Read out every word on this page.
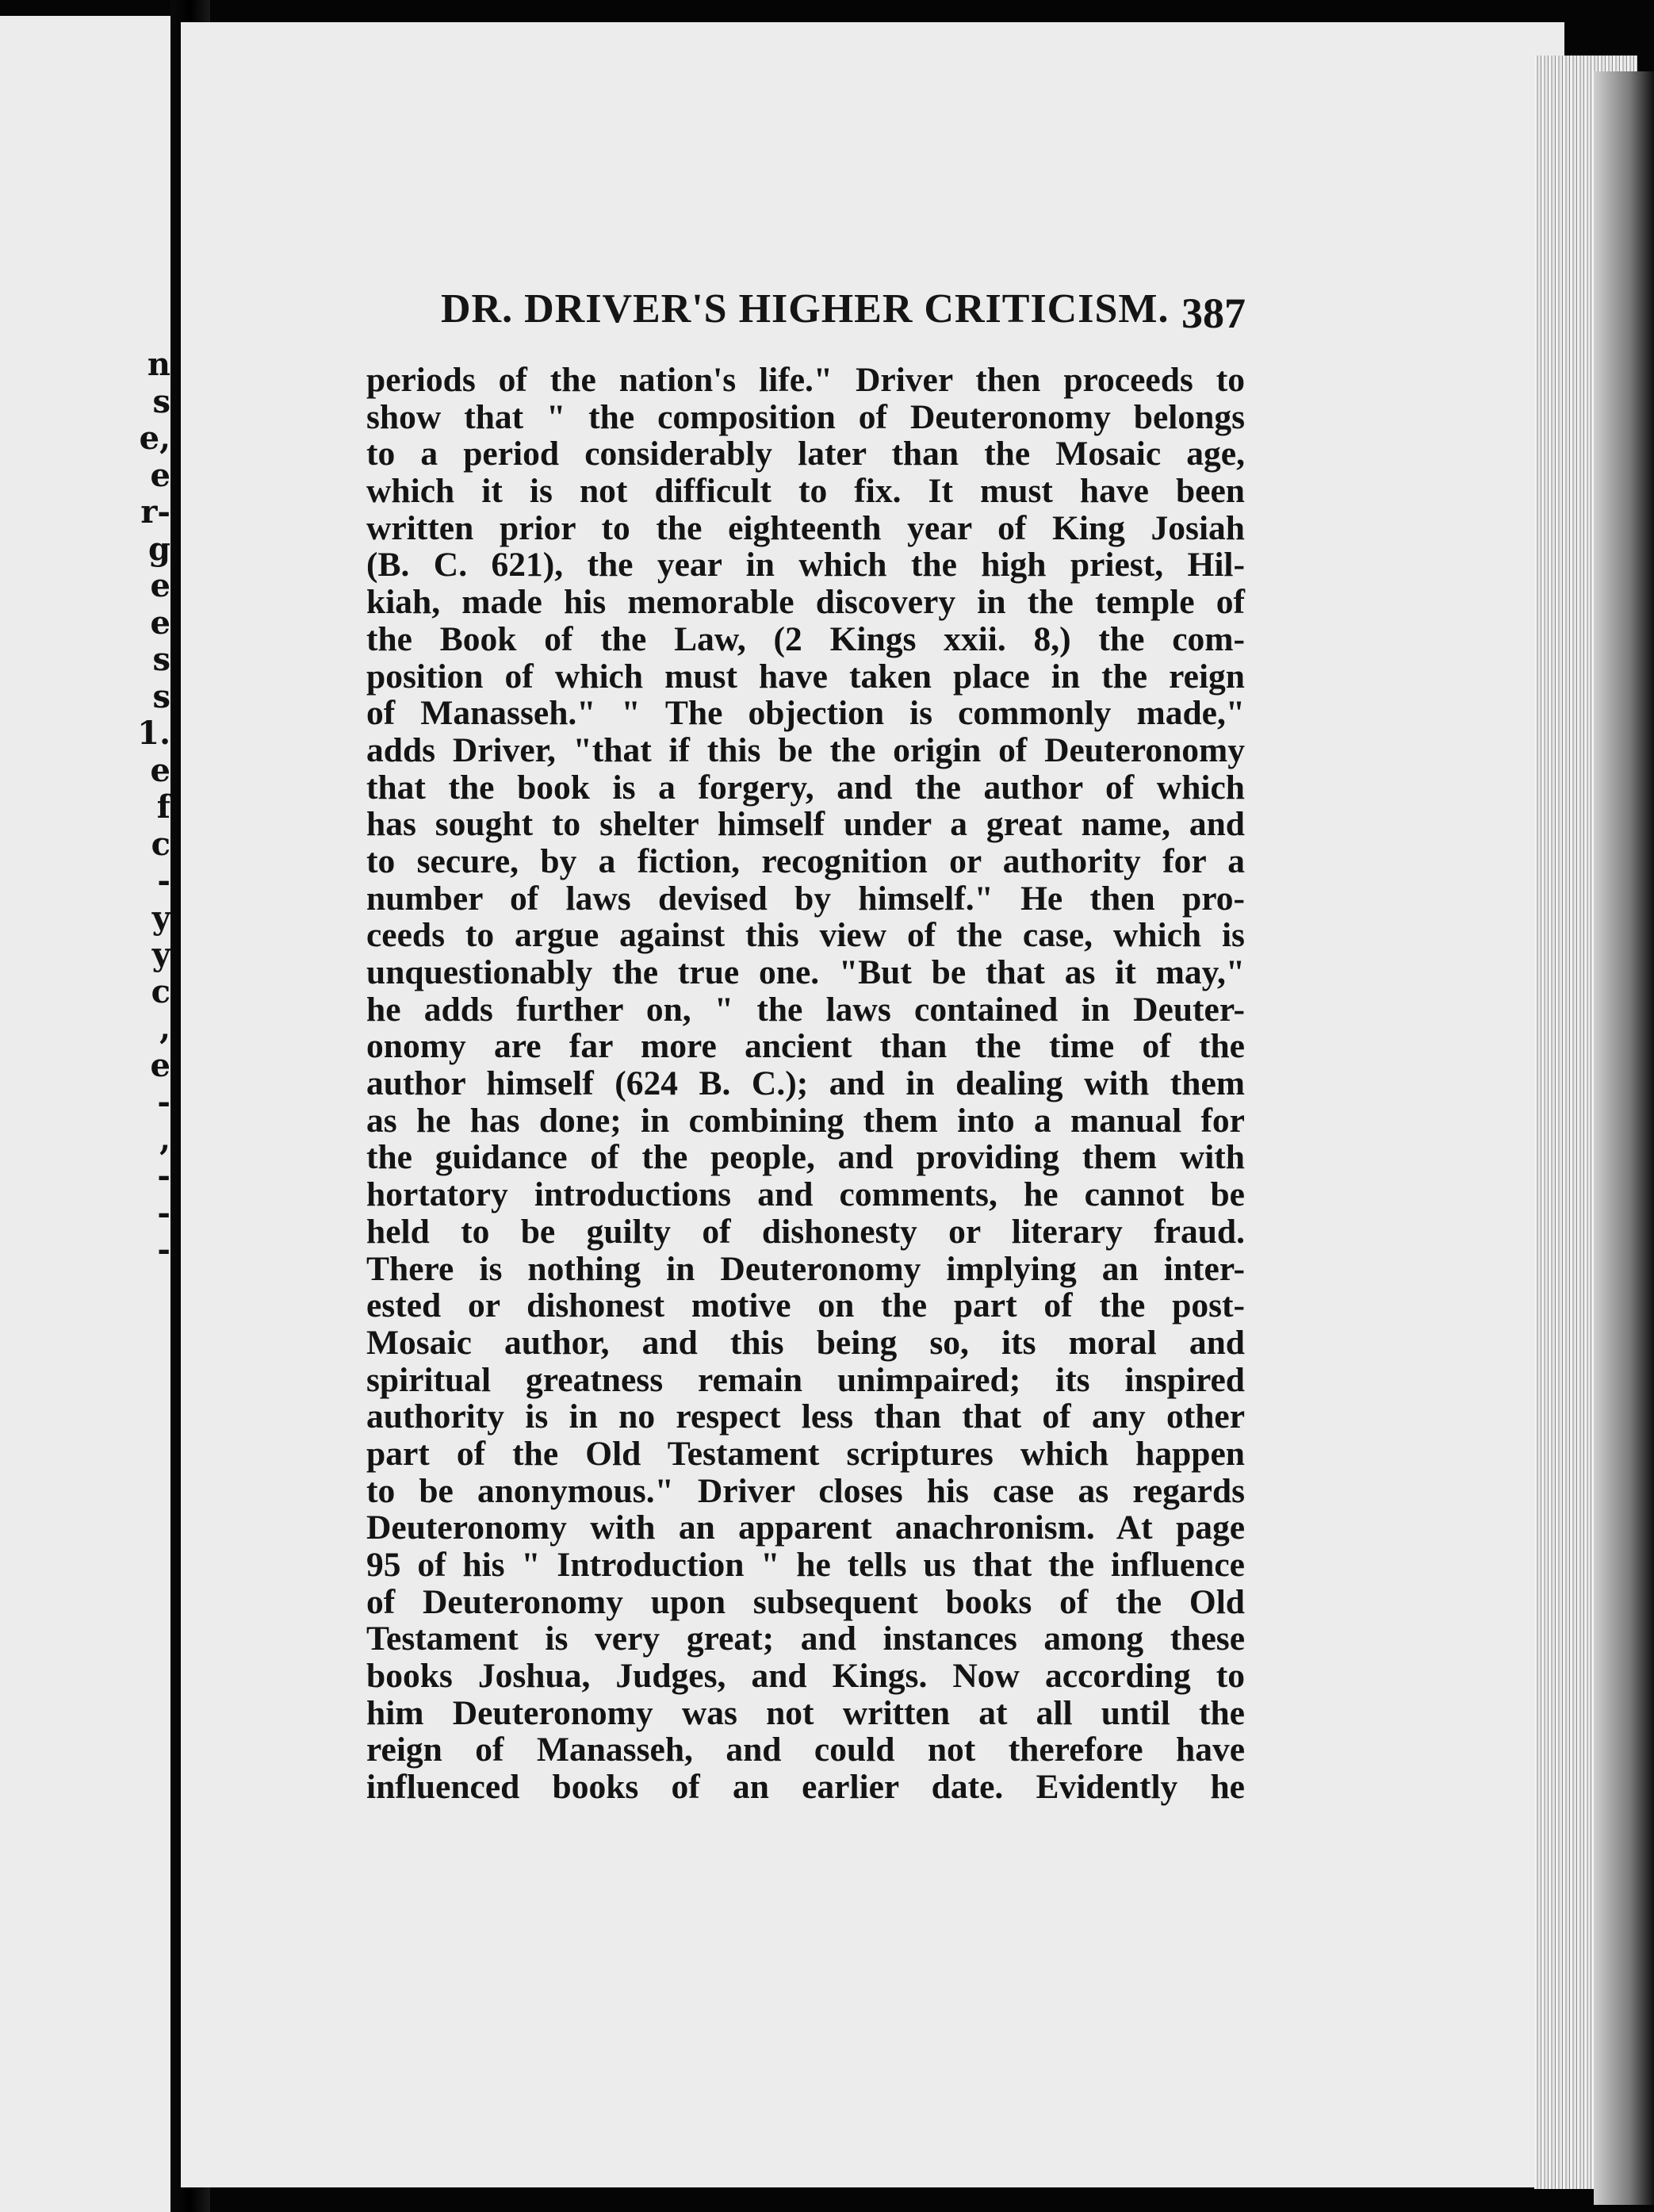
n
s
e,
e
r-
g
e
e
s
s
1.
e
f
c
-
y
y
c
,
e
-
,
-
-
-
DR. DRIVER'S HIGHER CRITICISM. 387
periods of the nation's life." Driver then proceeds to
show that " the composition of Deuteronomy belongs
to a period considerably later than the Mosaic age,
which it is not difficult to fix. It must have been
written prior to the eighteenth year of King Josiah
(B. C. 621), the year in which the high priest, Hil-
kiah, made his memorable discovery in the temple of
the Book of the Law, (2 Kings xxii. 8,) the com-
position of which must have taken place in the reign
of Manasseh." " The objection is commonly made,"
adds Driver, "that if this be the origin of Deuteronomy
that the book is a forgery, and the author of which
has sought to shelter himself under a great name, and
to secure, by a fiction, recognition or authority for a
number of laws devised by himself." He then pro-
ceeds to argue against this view of the case, which is
unquestionably the true one. "But be that as it may,"
he adds further on, " the laws contained in Deuter-
onomy are far more ancient than the time of the
author himself (624 B. C.); and in dealing with them
as he has done; in combining them into a manual for
the guidance of the people, and providing them with
hortatory introductions and comments, he cannot be
held to be guilty of dishonesty or literary fraud.
There is nothing in Deuteronomy implying an inter-
ested or dishonest motive on the part of the post-
Mosaic author, and this being so, its moral and
spiritual greatness remain unimpaired; its inspired
authority is in no respect less than that of any other
part of the Old Testament scriptures which happen
to be anonymous." Driver closes his case as regards
Deuteronomy with an apparent anachronism. At page
95 of his " Introduction " he tells us that the influence
of Deuteronomy upon subsequent books of the Old
Testament is very great; and instances among these
books Joshua, Judges, and Kings. Now according to
him Deuteronomy was not written at all until the
reign of Manasseh, and could not therefore have
influenced books of an earlier date. Evidently he
